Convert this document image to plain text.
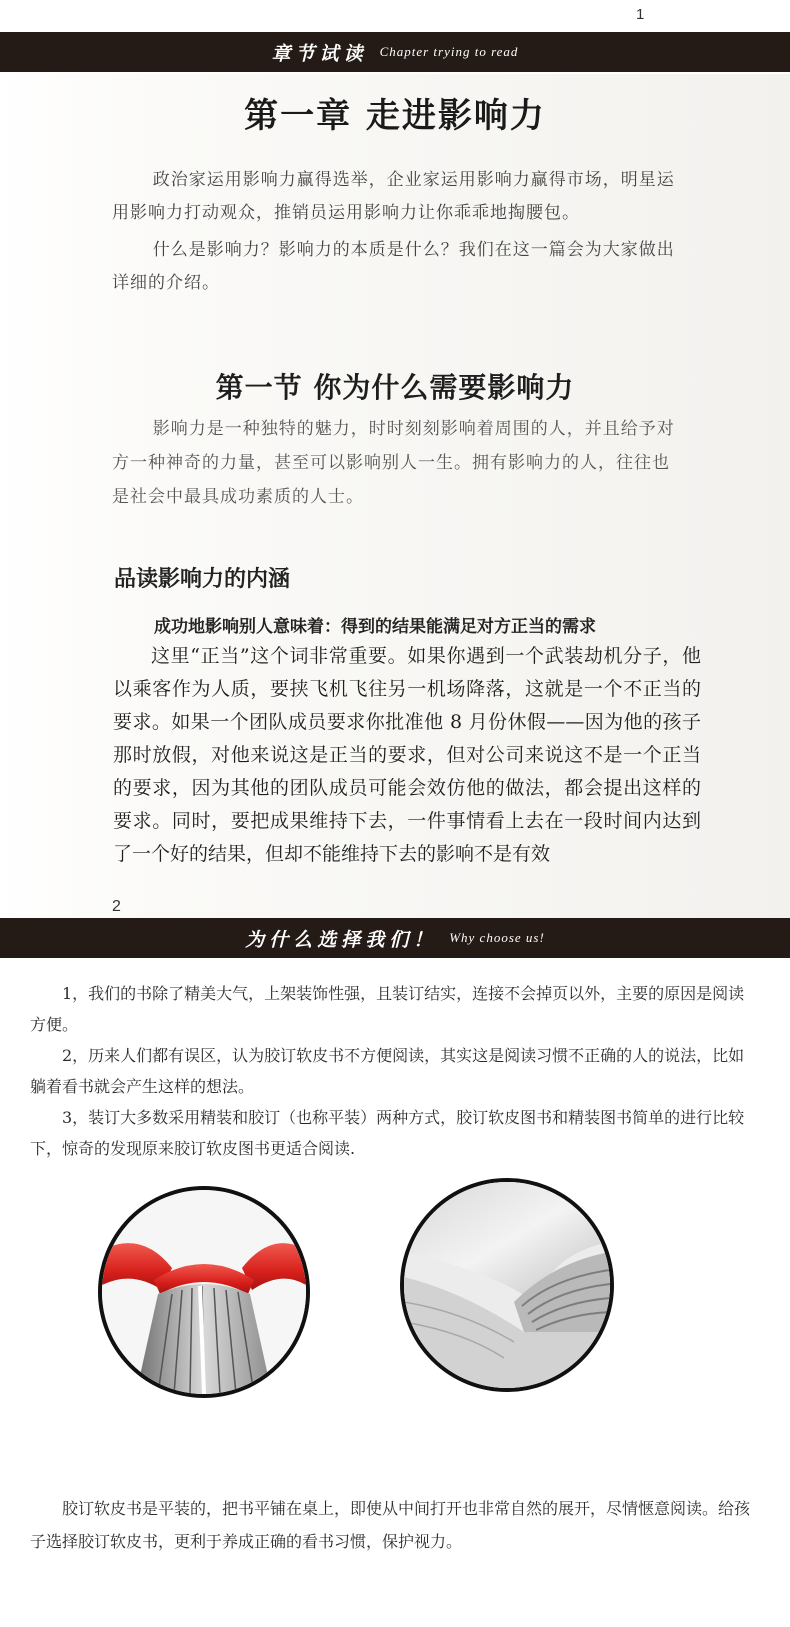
1
章节试读 Chapter trying to read
第一章 走进影响力
政治家运用影响力赢得选举，企业家运用影响力赢得市场，明星运用影响力打动观众，推销员运用影响力让你乖乖地掏腰包。
什么是影响力？影响力的本质是什么？我们在这一篇会为大家做出详细的介绍。
第一节 你为什么需要影响力
影响力是一种独特的魅力，时时刻刻影响着周围的人，并且给予对方一种神奇的力量，甚至可以影响别人一生。拥有影响力的人，往往也是社会中最具成功素质的人士。
品读影响力的内涵
成功地影响别人意味着：得到的结果能满足对方正当的需求
这里“正当”这个词非常重要。如果你遇到一个武装劫机分子，他以乘客作为人质，要挟飞机飞往另一机场降落，这就是一个不正当的要求。如果一个团队成员要求你批准他 8 月份休假——因为他的孩子那时放假，对他来说这是正当的要求，但对公司来说这不是一个正当的要求，因为其他的团队成员可能会效仿他的做法，都会提出这样的要求。同时，要把成果维持下去，一件事情看上去在一段时间内达到了一个好的结果，但却不能维持下去的影响不是有效
2
为什么选择我们！ Why choose us!
1，我们的书除了精美大气，上架装饰性强，且装订结实，连接不会掉页以外，主要的原因是阅读方便。
2，历来人们都有误区，认为胶订软皮书不方便阅读，其实这是阅读习惯不正确的人的说法，比如躺着看书就会产生这样的想法。
3，装订大多数采用精装和胶订（也称平装）两种方式，胶订软皮图书和精装图书简单的进行比较下，惊奇的发现原来胶订软皮图书更适合阅读.
胶订软皮书是平装的，把书平铺在桌上，即使从中间打开也非常自然的展开，尽情惬意阅读。给孩子选择胶订软皮书，更利于养成正确的看书习惯，保护视力。
